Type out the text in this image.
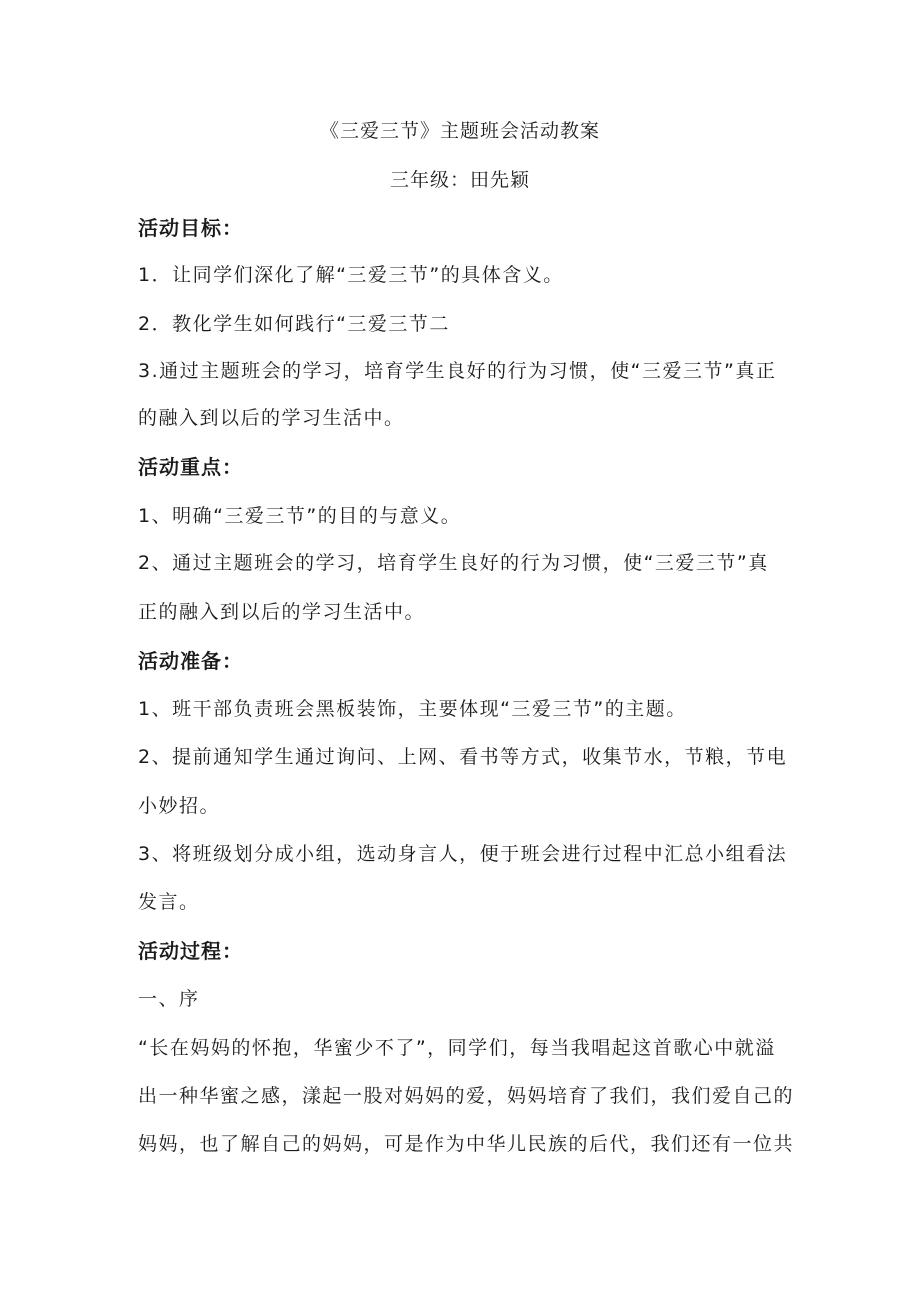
《三爱三节》主题班会活动教案
三年级：田先颖
活动目标：
1．让同学们深化了解“三爱三节”的具体含义。
2．教化学生如何践行“三爱三节二
3.通过主题班会的学习，培育学生良好的行为习惯，使“三爱三节”真正
的融入到以后的学习生活中。
活动重点：
1、明确“三爱三节”的目的与意义。
2、通过主题班会的学习，培育学生良好的行为习惯，使“三爱三节”真
正的融入到以后的学习生活中。
活动准备：
1、班干部负责班会黑板装饰，主要体现“三爱三节”的主题。
2、提前通知学生通过询问、上网、看书等方式，收集节水，节粮，节电
小妙招。
3、将班级划分成小组，选动身言人，便于班会进行过程中汇总小组看法
发言。
活动过程：
一、序
“长在妈妈的怀抱，华蜜少不了”，同学们，每当我唱起这首歌心中就溢
出一种华蜜之感，漾起一股对妈妈的爱，妈妈培育了我们，我们爱自己的
妈妈，也了解自己的妈妈，可是作为中华儿民族的后代，我们还有一位共
